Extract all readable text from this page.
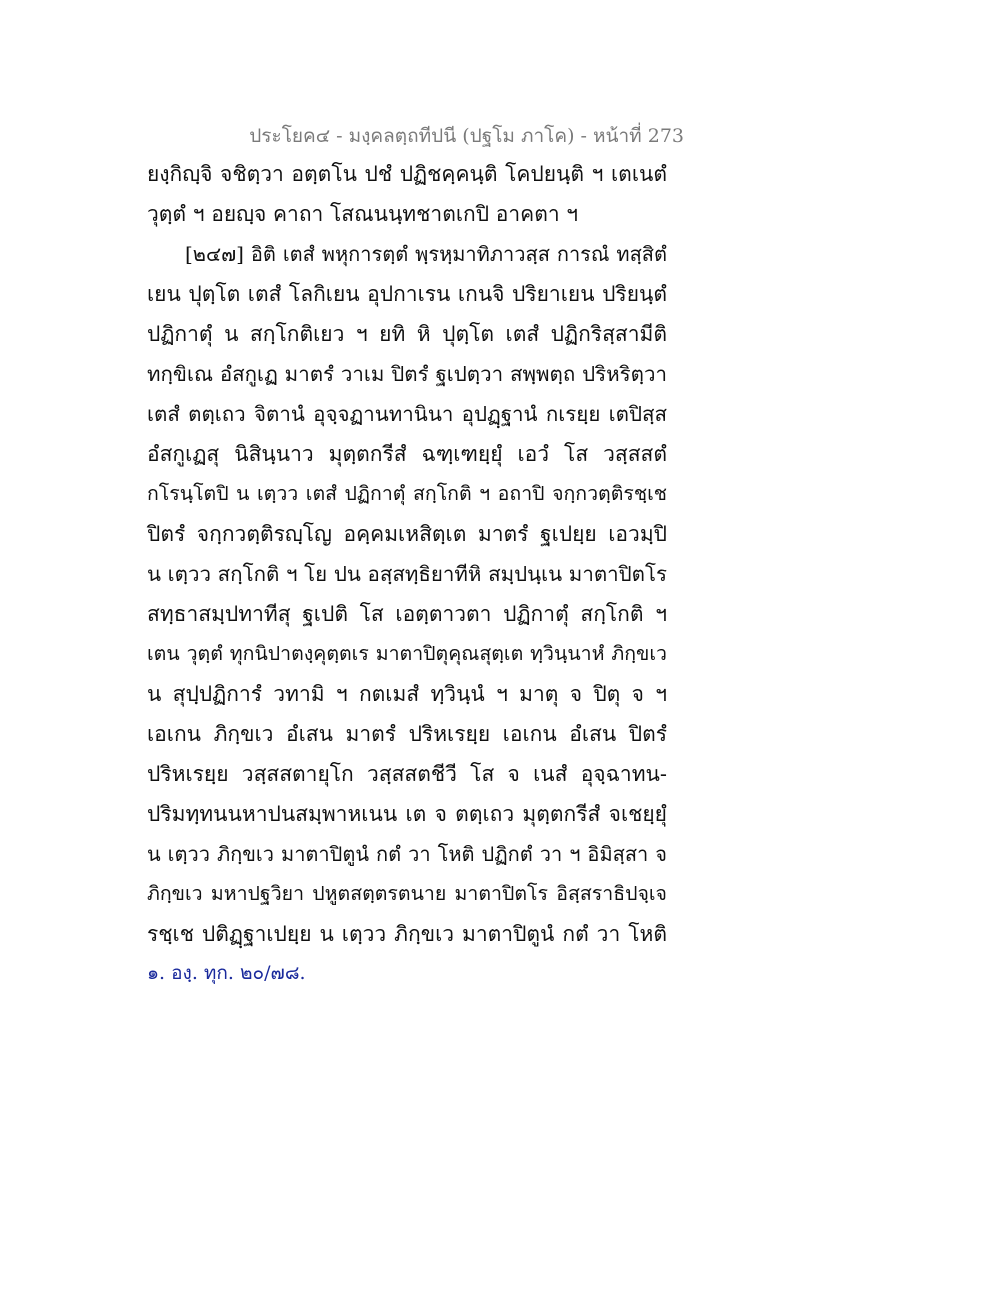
ประโยค๔ - มงฺคลตฺถทีปนี (ปฐโม ภาโค) - หน้าที่ 273
ยงฺกิญฺจิ จชิตฺวา อตฺตโน ปชํ ปฏิชคฺคนฺติ โคปยนฺติ ฯ เตเนตํ
วุตฺตํ ฯ อยญฺจ คาถา โสณนนฺทชาตเกปิ อาคตา ฯ
[๒๔๗] อิติ เตสํ พหุการตฺตํ พฺรหฺมาทิภาวสฺส การณํ ทสฺสิตํ
เยน ปุตฺโต เตสํ โลกิเยน อุปกาเรน เกนจิ ปริยาเยน ปริยนฺตํ
ปฏิกาตุํ น สกฺโกติเยว ฯ ยทิ หิ ปุตฺโต เตสํ ปฏิกริสฺสามีติ
ทกฺขิเณ อํสกูเฏ มาตรํ วาเม ปิตรํ ฐเปตฺวา สพฺพตฺถ ปริหริตฺวา
เตสํ ตตฺเถว จิตานํ อุจฺจฏานทานินา อุปฏฺฐานํ กเรยฺย เตปิสฺส
อํสกูเฏสุ นิสินฺนาว มุตฺตกรีสํ ฉฑฺเฑยฺยุํ เอวํ โส วสฺสสตํ
กโรนฺโตปิ น เตฺวว เตสํ ปฏิกาตุํ สกฺโกติ ฯ อถาปิ จกฺกวตฺติรชฺเช
ปิตรํ จกฺกวตฺติรญฺโญ อคฺคมเหสิตฺเต มาตรํ ฐเปยฺย เอวมฺปิ
น เตฺวว สกฺโกติ ฯ โย ปน อสฺสทฺธิยาทีหิ สมฺปนฺเน มาตาปิตโร
สทฺธาสมฺปทาทีสุ ฐเปติ โส เอตฺตาวตา ปฏิกาตุํ สกฺโกติ ฯ
เตน วุตฺตํ ทุกนิปาตงฺคุตฺตเร มาตาปิตุคุณสุตฺเต ทฺวินฺนาหํ ภิกฺขเว
น สุปฺปฏิการํ วทามิ ฯ กตเมสํ ทฺวินฺนํ ฯ มาตุ จ ปิตุ จ ฯ
เอเกน ภิกฺขเว อํเสน มาตรํ ปริหเรยฺย เอเกน อํเสน ปิตรํ
ปริหเรยฺย วสฺสสตายุโก วสฺสสตชีวี โส จ เนสํ อุจฺฉาทน-
ปริมทฺทนนหาปนสมฺพาหเนน เต จ ตตฺเถว มุตฺตกรีสํ จเชยฺยุํ
น เตฺวว ภิกฺขเว มาตาปิตูนํ กตํ วา โหติ ปฏิกตํ วา ฯ อิมิสฺสา จ
ภิกฺขเว มหาปฐวิยา ปหูตสตฺตรตนาย มาตาปิตโร อิสฺสราธิปจฺเจ
รชฺเช ปติฏฺฐาเปยฺย น เตฺวว ภิกฺขเว มาตาปิตูนํ กตํ วา โหติ
๑. องฺ. ทุก. ๒๐/๗๘.
